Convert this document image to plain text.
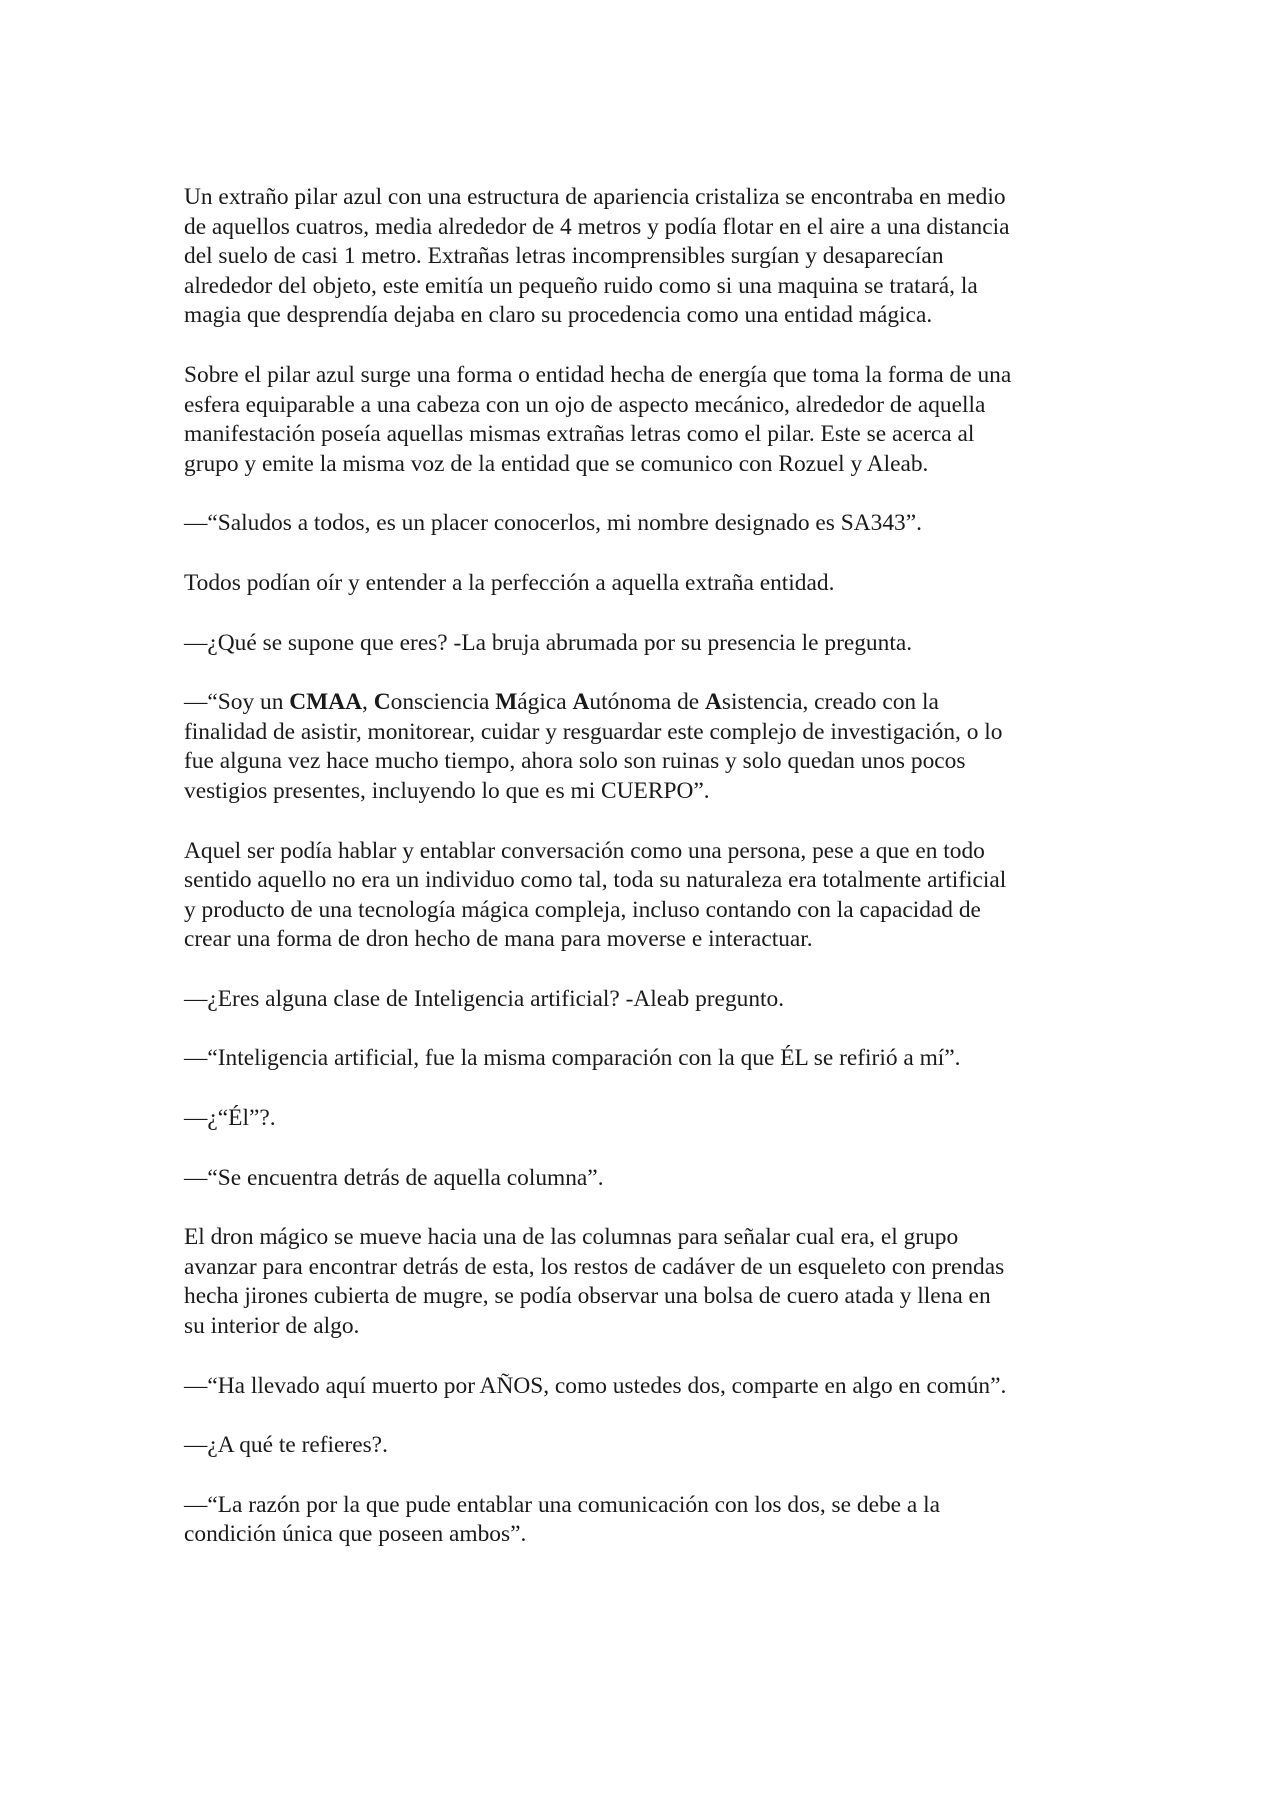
Un extraño pilar azul con una estructura de apariencia cristaliza se encontraba en medio
de aquellos cuatros, media alrededor de 4 metros y podía flotar en el aire a una distancia
del suelo de casi 1 metro. Extrañas letras incomprensibles surgían y desaparecían
alrededor del objeto, este emitía un pequeño ruido como si una maquina se tratará, la
magia que desprendía dejaba en claro su procedencia como una entidad mágica.

Sobre el pilar azul surge una forma o entidad hecha de energía que toma la forma de una
esfera equiparable a una cabeza con un ojo de aspecto mecánico, alrededor de aquella
manifestación poseía aquellas mismas extrañas letras como el pilar. Este se acerca al
grupo y emite la misma voz de la entidad que se comunico con Rozuel y Aleab.

—“Saludos a todos, es un placer conocerlos, mi nombre designado es SA343”.

Todos podían oír y entender a la perfección a aquella extraña entidad.

—¿Qué se supone que eres? -La bruja abrumada por su presencia le pregunta.

—“Soy un CMAA, Consciencia Mágica Autónoma de Asistencia, creado con la
finalidad de asistir, monitorear, cuidar y resguardar este complejo de investigación, o lo
fue alguna vez hace mucho tiempo, ahora solo son ruinas y solo quedan unos pocos
vestigios presentes, incluyendo lo que es mi CUERPO”.

Aquel ser podía hablar y entablar conversación como una persona, pese a que en todo
sentido aquello no era un individuo como tal, toda su naturaleza era totalmente artificial
y producto de una tecnología mágica compleja, incluso contando con la capacidad de
crear una forma de dron hecho de mana para moverse e interactuar.

—¿Eres alguna clase de Inteligencia artificial? -Aleab pregunto.

—“Inteligencia artificial, fue la misma comparación con la que ÉL se refirió a mí”.

—¿“Él”?.

—“Se encuentra detrás de aquella columna”.

El dron mágico se mueve hacia una de las columnas para señalar cual era, el grupo
avanzar para encontrar detrás de esta, los restos de cadáver de un esqueleto con prendas
hecha jirones cubierta de mugre, se podía observar una bolsa de cuero atada y llena en
su interior de algo.

—“Ha llevado aquí muerto por AÑOS, como ustedes dos, comparte en algo en común”.

—¿A qué te refieres?.

—“La razón por la que pude entablar una comunicación con los dos, se debe a la
condición única que poseen ambos”.
